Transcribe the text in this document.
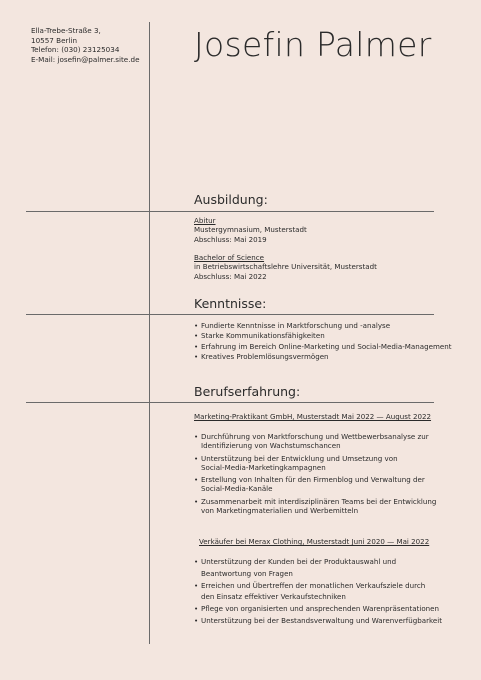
Ella-Trebe-Straße 3,
10557 Berlin
Telefon: (030) 23125034
E-Mail: josefin@palmer.site.de Josefin Palmer
Ausbildung:
Abitur
Mustergymnasium, Musterstadt
Abschluss: Mai 2019
Bachelor of Science
in Betriebswirtschaftslehre Universität, Musterstadt
Abschluss: Mai 2022
Kenntnisse:
• Fundierte Kenntnisse in Marktforschung und -analyse
• Starke Kommunikationsfähigkeiten
• Erfahrung im Bereich Online-Marketing und Social-Media-Management
• Kreatives Problemlösungsvermögen
Berufserfahrung:
Marketing-Praktikant GmbH, Musterstadt Mai 2022 — August 2022
• Durchführung von Marktforschung und Wettbewerbsanalyse zur
Identifizierung von Wachstumschancen
• Unterstützung bei der Entwicklung und Umsetzung von
Social-Media-Marketingkampagnen
• Erstellung von Inhalten für den Firmenblog und Verwaltung der
Social-Media-Kanäle
• Zusammenarbeit mit interdisziplinären Teams bei der Entwicklung
von Marketingmaterialien und Werbemitteln
Verkäufer bei Merax Clothing, Musterstadt Juni 2020 — Mai 2022
• Unterstützung der Kunden bei der Produktauswahl und
Beantwortung von Fragen
• Erreichen und Übertreffen der monatlichen Verkaufsziele durch
den Einsatz effektiver Verkaufstechniken
• Pflege von organisierten und ansprechenden Warenpräsentationen
• Unterstützung bei der Bestandsverwaltung und Warenverfügbarkeit
